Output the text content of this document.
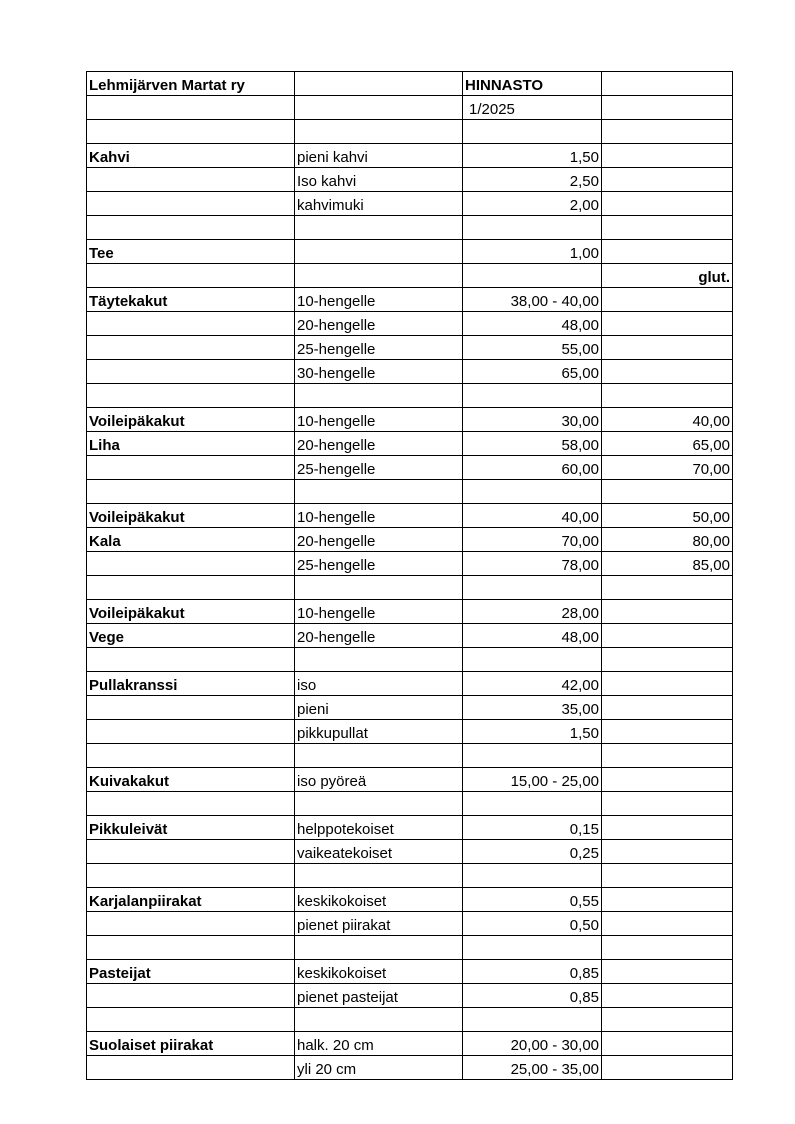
Lehmijärven Martat ry		HINNASTO	
		1/2025	

Kahvi	pieni kahvi	1,50	
	Iso kahvi	2,50	
	kahvimuki	2,00	

Tee		1,00	
			glut.
Täytekakut	10-hengelle	38,00 - 40,00	
	20-hengelle	48,00	
	25-hengelle	55,00	
	30-hengelle	65,00	

Voileipäkakut	10-hengelle	30,00	40,00
Liha	20-hengelle	58,00	65,00
	25-hengelle	60,00	70,00

Voileipäkakut	10-hengelle	40,00	50,00
Kala	20-hengelle	70,00	80,00
	25-hengelle	78,00	85,00

Voileipäkakut	10-hengelle	28,00	
Vege	20-hengelle	48,00	

Pullakranssi	iso	42,00	
	pieni	35,00	
	pikkupullat	1,50	

Kuivakakut	iso pyöreä	15,00 - 25,00	

Pikkuleivät	helppotekoiset	0,15	
	vaikeatekoiset	0,25	

Karjalanpiirakat	keskikokoiset	0,55	
	pienet piirakat	0,50	

Pasteijat	keskikokoiset	0,85	
	pienet pasteijat	0,85	

Suolaiset piirakat	halk. 20 cm	20,00 - 30,00	
	yli 20 cm	25,00 - 35,00	
